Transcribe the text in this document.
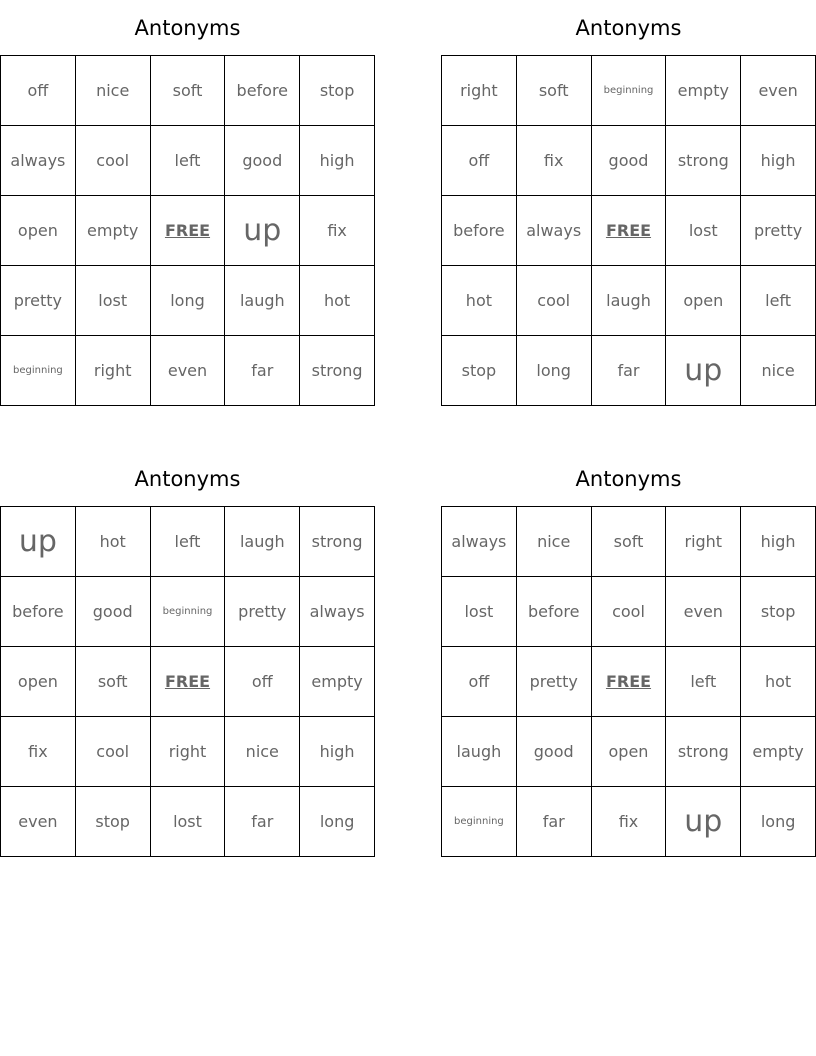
Antonyms
off	nice	soft	before	stop
always	cool	left	good	high
open	empty	FREE	up	fix
pretty	lost	long	laugh	hot
beginning	right	even	far	strong
Antonyms
right	soft	beginning	empty	even
off	fix	good	strong	high
before	always	FREE	lost	pretty
hot	cool	laugh	open	left
stop	long	far	up	nice
Antonyms
up	hot	left	laugh	strong
before	good	beginning	pretty	always
open	soft	FREE	off	empty
fix	cool	right	nice	high
even	stop	lost	far	long
Antonyms
always	nice	soft	right	high
lost	before	cool	even	stop
off	pretty	FREE	left	hot
laugh	good	open	strong	empty
beginning	far	fix	up	long
